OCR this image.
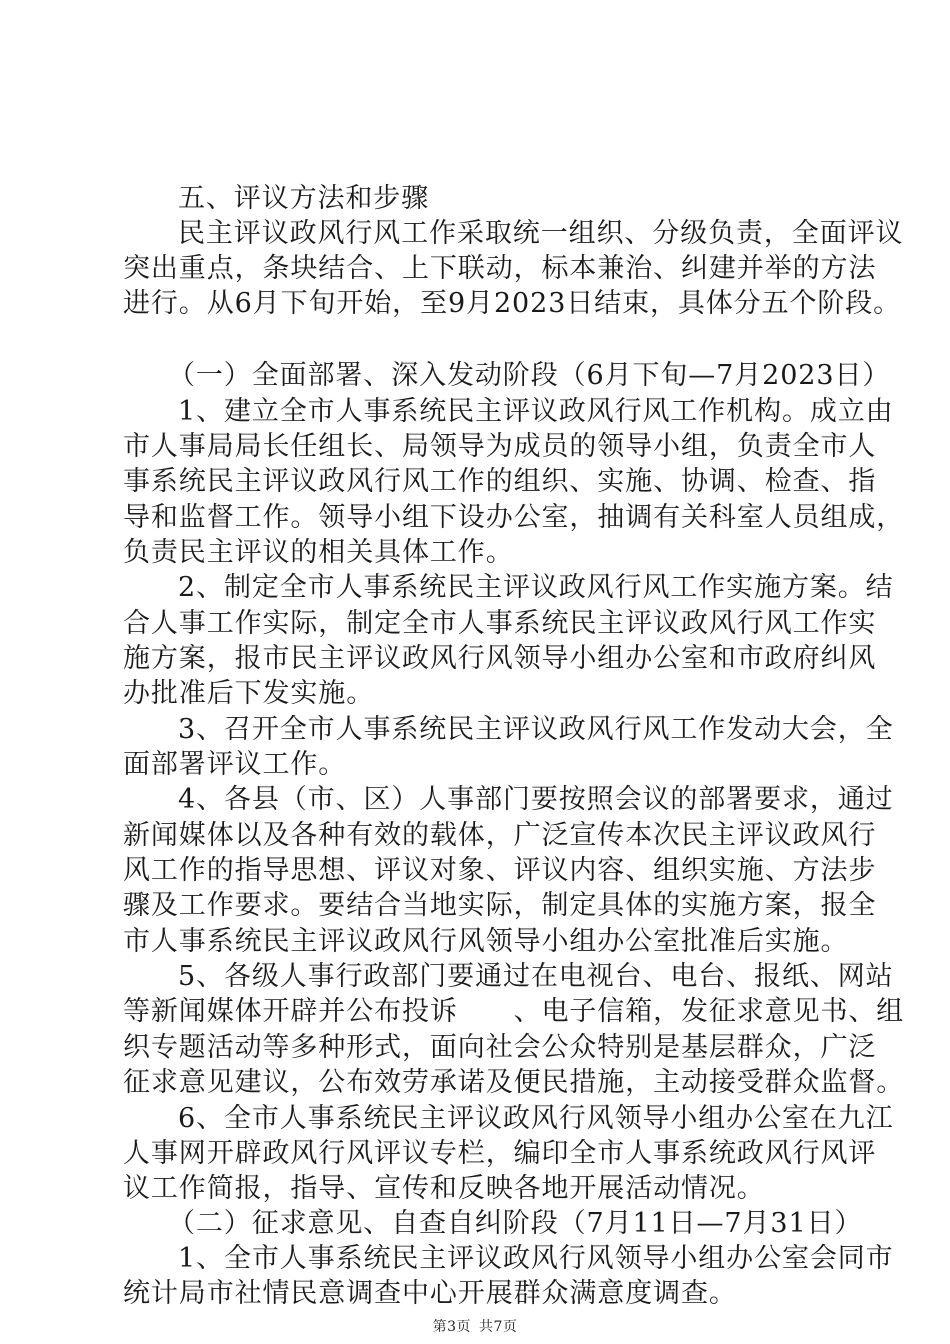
五、评议方法和步骤
民主评议政风行风工作采取统一组织、分级负责，全面评议
突出重点，条块结合、上下联动，标本兼治、纠建并举的方法
进行。从6月下旬开始，至9月2023日结束，具体分五个阶段。
（一）全面部署、深入发动阶段（6月下旬—7月2023日）
1、建立全市人事系统民主评议政风行风工作机构。成立由
市人事局局长任组长、局领导为成员的领导小组，负责全市人
事系统民主评议政风行风工作的组织、实施、协调、检查、指
导和监督工作。领导小组下设办公室，抽调有关科室人员组成，
负责民主评议的相关具体工作。
2、制定全市人事系统民主评议政风行风工作实施方案。结
合人事工作实际，制定全市人事系统民主评议政风行风工作实
施方案，报市民主评议政风行风领导小组办公室和市政府纠风
办批准后下发实施。
3、召开全市人事系统民主评议政风行风工作发动大会，全
面部署评议工作。
4、各县（市、区）人事部门要按照会议的部署要求，通过
新闻媒体以及各种有效的载体，广泛宣传本次民主评议政风行
风工作的指导思想、评议对象、评议内容、组织实施、方法步
骤及工作要求。要结合当地实际，制定具体的实施方案，报全
市人事系统民主评议政风行风领导小组办公室批准后实施。
5、各级人事行政部门要通过在电视台、电台、报纸、网站
等新闻媒体开辟并公布投诉　　、电子信箱，发征求意见书、组
织专题活动等多种形式，面向社会公众特别是基层群众，广泛
征求意见建议，公布效劳承诺及便民措施，主动接受群众监督。
6、全市人事系统民主评议政风行风领导小组办公室在九江
人事网开辟政风行风评议专栏，编印全市人事系统政风行风评
议工作简报，指导、宣传和反映各地开展活动情况。
第3页 共7页
（二）征求意见、自查自纠阶段（7月11日—7月31日）
1、全市人事系统民主评议政风行风领导小组办公室会同市
统计局市社情民意调查中心开展群众满意度调查。
